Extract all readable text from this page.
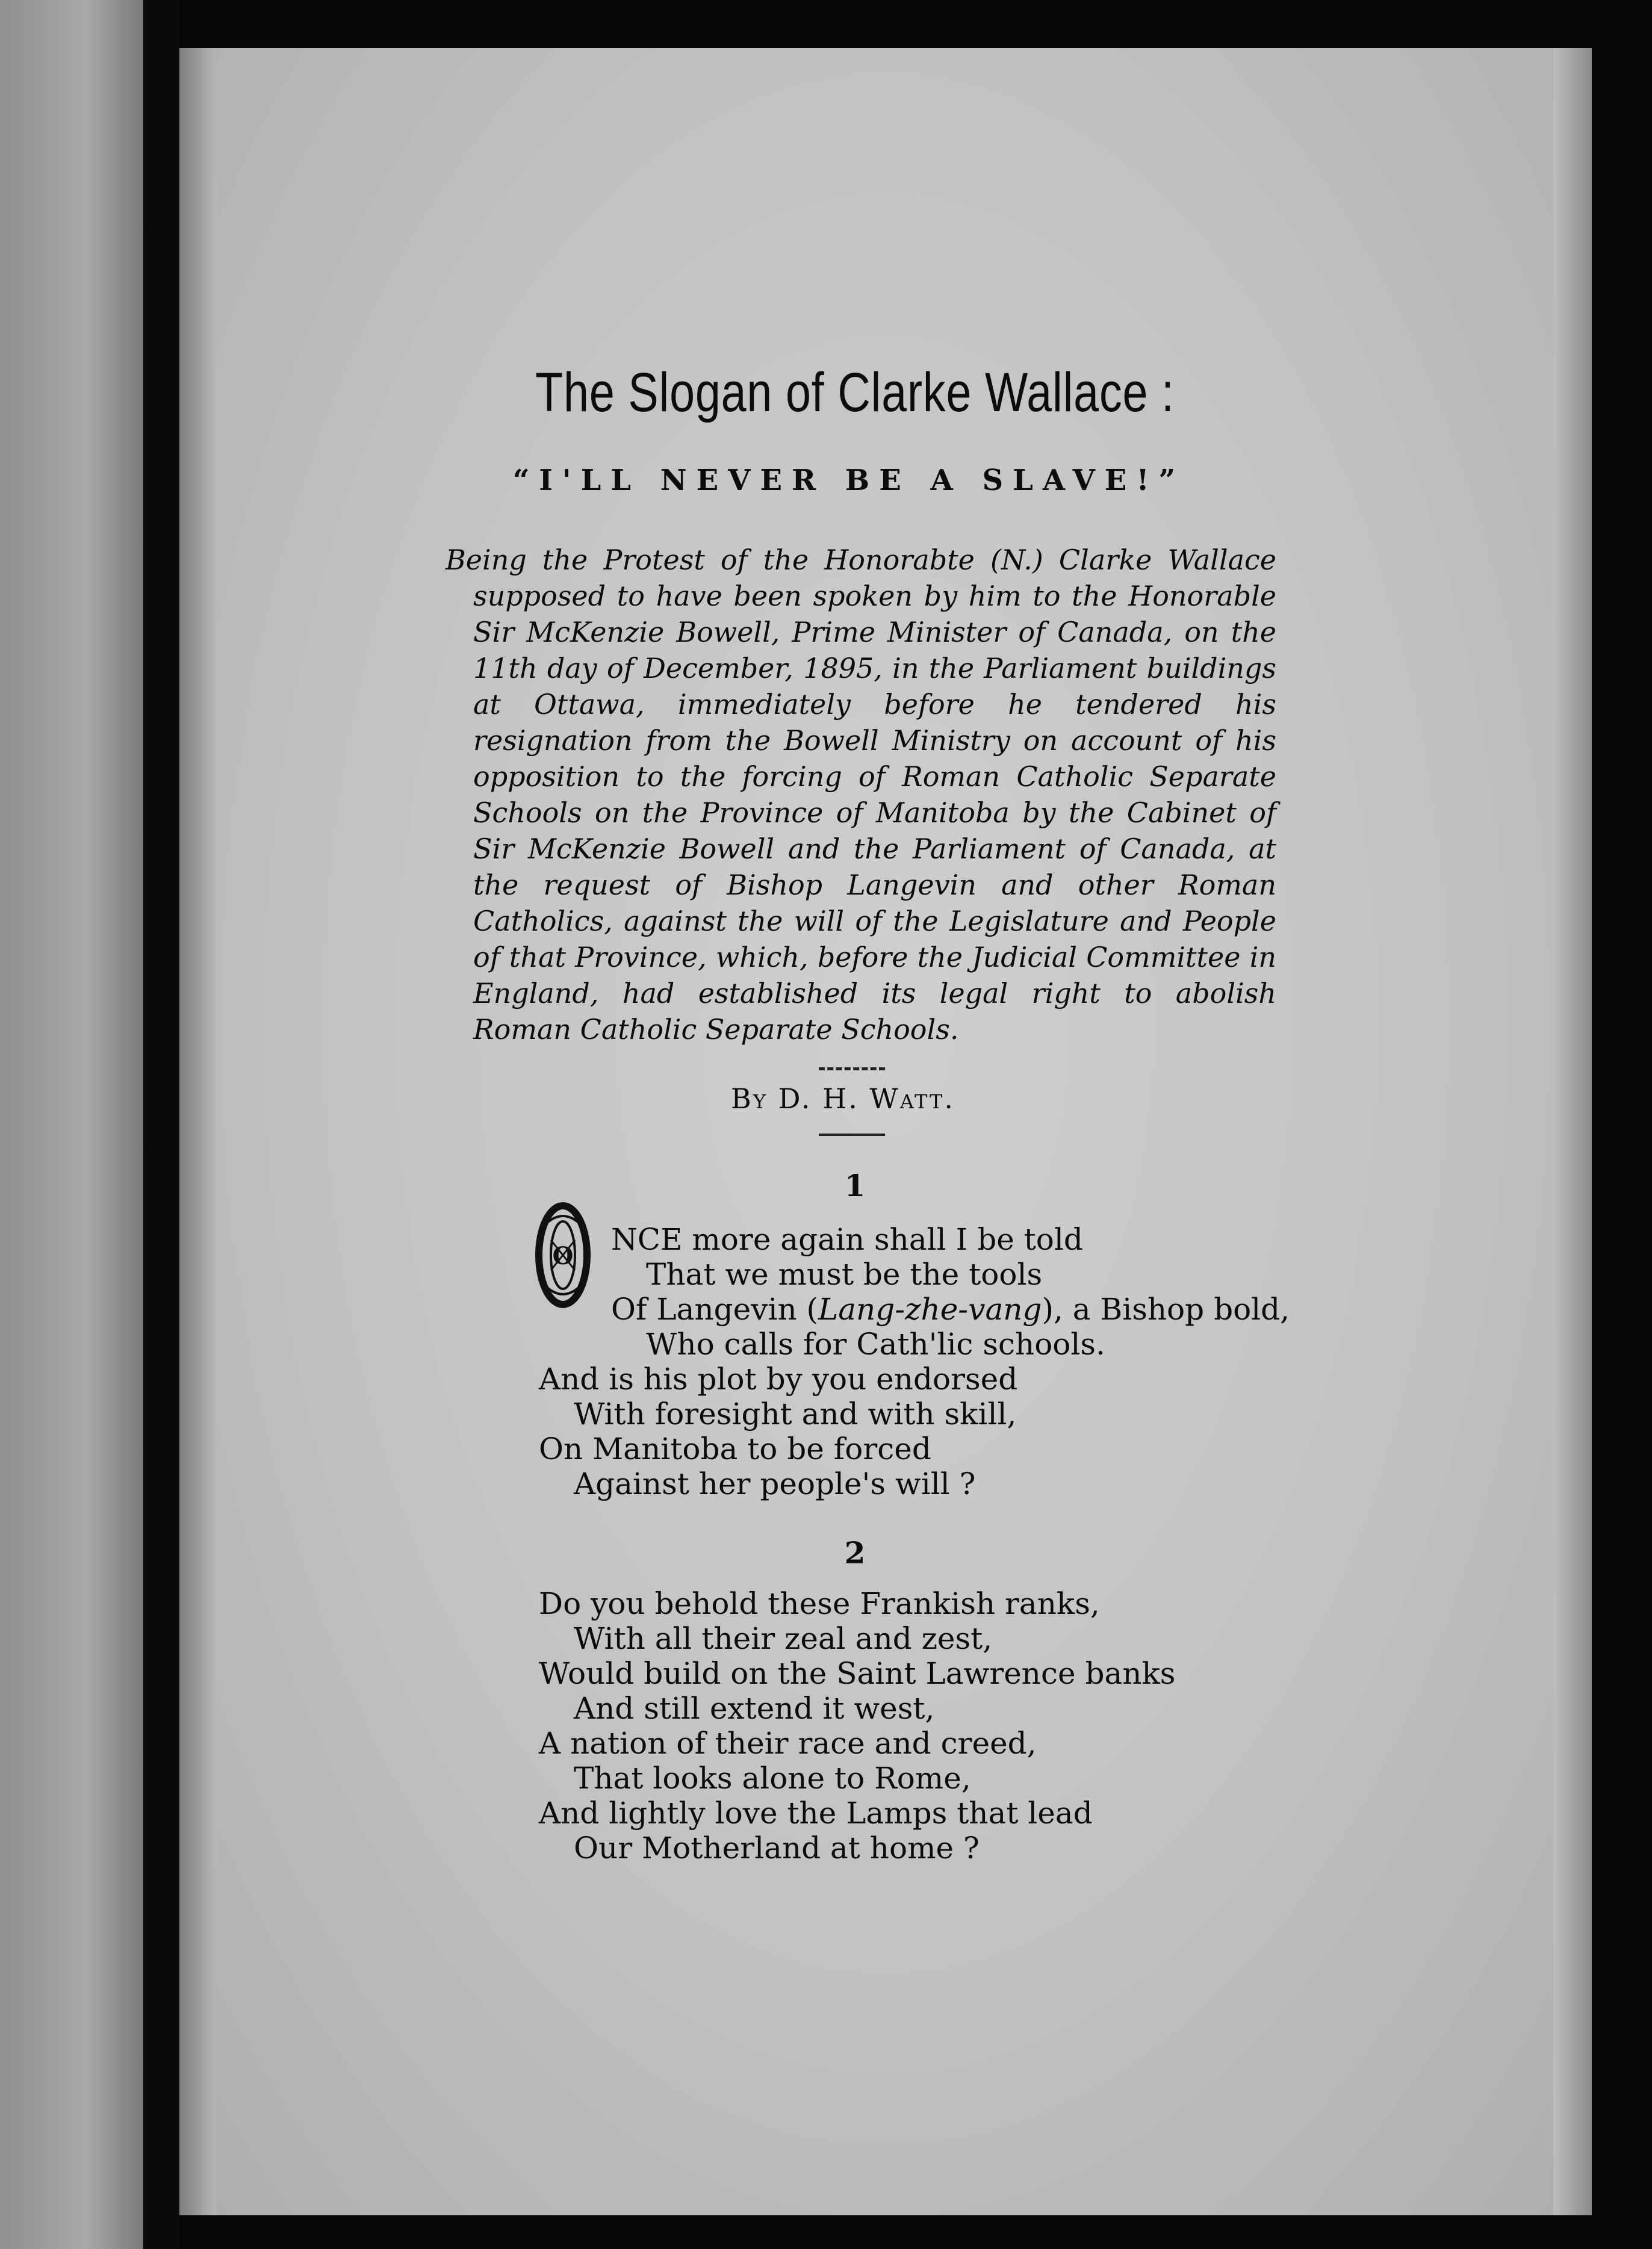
The Slogan of Clarke Wallace :
“I'LL NEVER BE A SLAVE!”

Being the Protest of the Honorabte (N.) Clarke Wallace supposed to have been spoken by him to the Honorable Sir McKenzie Bowell, Prime Minister of Canada, on the 11th day of December, 1895, in the Parliament buildings at Ottawa, immediately before he tendered his resignation from the Bowell Ministry on account of his opposition to the forcing of Roman Catholic Separate Schools on the Province of Manitoba by the Cabinet of Sir McKenzie Bowell and the Parliament of Canada, at the request of Bishop Langevin and other Roman Catholics, against the will of the Legislature and People of that Province, which, before the Judicial Committee in England, had established its legal right to abolish Roman Catholic Separate Schools.

By D. H. Watt.
1
O	NCE more again shall I be told
That we must be the tools
Of Langevin (Lang-zhe-vang), a Bishop bold,
Who calls for Cath'lic schools.
And is his plot by you endorsed
With foresight and with skill,
On Manitoba to be forced
Against her people's will ?
2
Do you behold these Frankish ranks,
With all their zeal and zest,
Would build on the Saint Lawrence banks
And still extend it west,
A nation of their race and creed,
That looks alone to Rome,
And lightly love the Lamps that lead
Our Motherland at home ?
